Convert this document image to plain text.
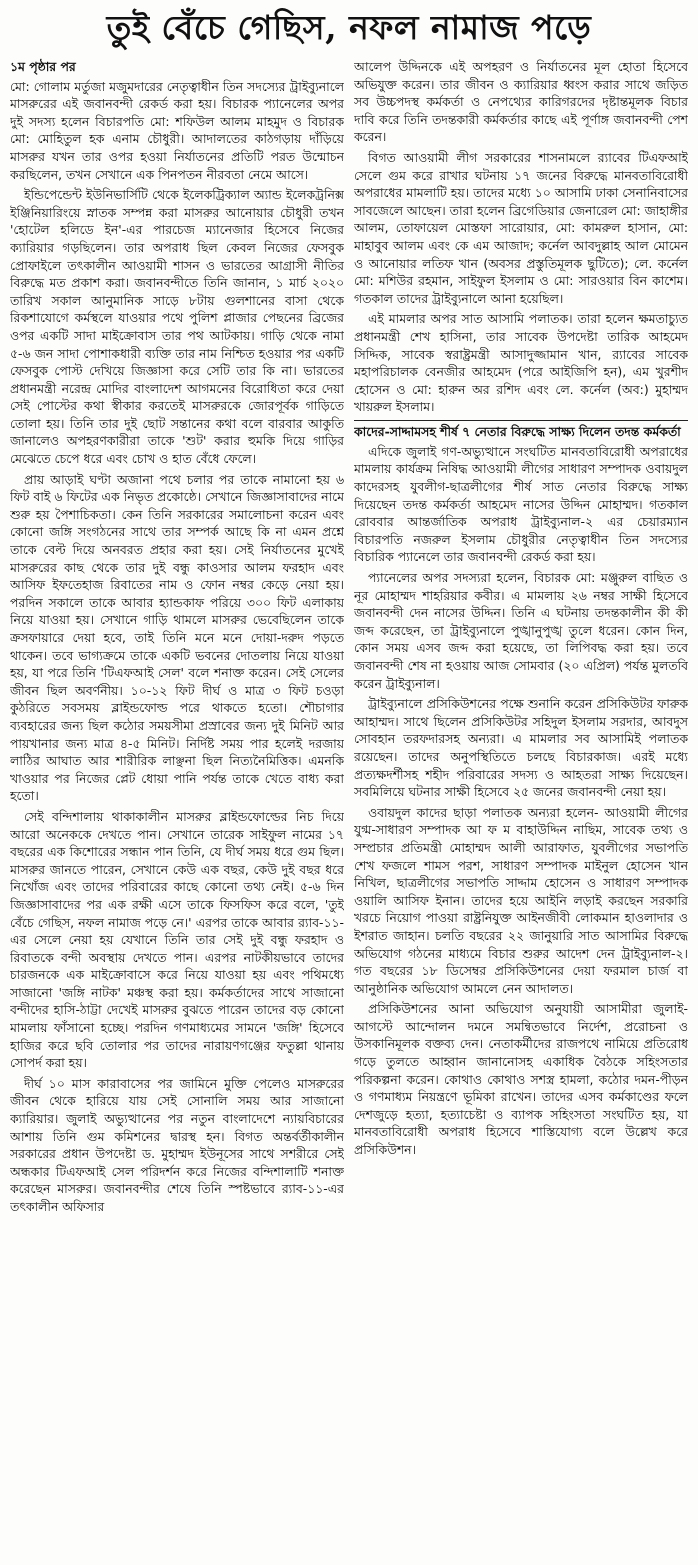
তুই বেঁচে গেছিস, নফল নামাজ পড়ে
১ম পৃষ্ঠার পর

মো: গোলাম মর্তুজা মজুমদারের নেতৃত্বাধীন তিন সদস্যের ট্রাইব্যুনালে মাসরুরের এই জবানবন্দী রেকর্ড করা হয়। বিচারক প্যানেলের অপর দুই সদস্য হলেন বিচারপতি মো: শফিউল আলম মাহমুদ ও বিচারক মো: মোহিতুল হক এনাম চৌধুরী। আদালতের কাঠগড়ায় দাঁড়িয়ে মাসরুর যখন তার ওপর হওয়া নির্যাতনের প্রতিটি পরত উন্মোচন করছিলেন, তখন সেখানে এক পিনপতন নীরবতা নেমে আসে।

ইন্ডিপেন্ডেন্ট ইউনিভার্সিটি থেকে ইলেকট্রিক্যাল অ্যান্ড ইলেকট্রনিক্স ইঞ্জিনিয়ারিংয়ে স্নাতক সম্পন্ন করা মাসরুর আনোয়ার চৌধুরী তখন 'হোটেল হলিডে ইন'-এর পারচেজ ম্যানেজার হিসেবে নিজের ক্যারিয়ার গড়ছিলেন। তার অপরাধ ছিল কেবল নিজের ফেসবুক প্রোফাইলে তৎকালীন আওয়ামী শাসন ও ভারতের আগ্রাসী নীতির বিরুদ্ধে মত প্রকাশ করা। জবানবন্দীতে তিনি জানান, ১ মার্চ ২০২০ তারিখ সকাল আনুমানিক সাড়ে ৮টায় গুলশানের বাসা থেকে রিকশাযোগে কর্মস্থলে যাওয়ার পথে পুলিশ প্লাজার পেছনের ব্রিজের ওপর একটি সাদা মাইক্রোবাস তার পথ আটকায়। গাড়ি থেকে নামা ৫-৬ জন সাদা পোশাকধারী ব্যক্তি তার নাম নিশ্চিত হওয়ার পর একটি ফেসবুক পোস্ট দেখিয়ে জিজ্ঞাসা করে সেটি তার কি না। ভারতের প্রধানমন্ত্রী নরেন্দ্র মোদির বাংলাদেশ আগমনের বিরোধিতা করে দেয়া সেই পোস্টের কথা স্বীকার করতেই মাসরুরকে জোরপূর্বক গাড়িতে তোলা হয়। তিনি তার দুই ছোট সন্তানের কথা বলে বারবার আকুতি জানালেও অপহরণকারীরা তাকে 'শুট' করার হুমকি দিয়ে গাড়ির মেঝেতে চেপে ধরে এবং চোখ ও হাত বেঁধে ফেলে।

প্রায় আড়াই ঘণ্টা অজানা পথে চলার পর তাকে নামানো হয় ৬ ফিট বাই ৬ ফিটের এক নিভৃত প্রকোষ্ঠে। সেখানে জিজ্ঞাসাবাদের নামে শুরু হয় পৈশাচিকতা। কেন তিনি সরকারের সমালোচনা করেন এবং কোনো জঙ্গি সংগঠনের সাথে তার সম্পর্ক আছে কি না এমন প্রশ্নে তাকে বেল্ট দিয়ে অনবরত প্রহার করা হয়। সেই নির্যাতনের মুখেই মাসরুরের কাছ থেকে তার দুই বন্ধু কাওসার আলম ফরহাদ এবং আসিফ ইফতেহাজ রিবাতের নাম ও ফোন নম্বর কেড়ে নেয়া হয়। পরদিন সকালে তাকে আবার হ্যান্ডকাফ পরিয়ে ৩০০ ফিট এলাকায় নিয়ে যাওয়া হয়। সেখানে গাড়ি থামলে মাসরুর ভেবেছিলেন তাকে ক্রসফায়ারে দেয়া হবে, তাই তিনি মনে মনে দোয়া-দরুদ পড়তে থাকেন। তবে ভাগ্যক্রমে তাকে একটি ভবনের দোতলায় নিয়ে যাওয়া হয়, যা পরে তিনি 'টিএফআই সেল' বলে শনাক্ত করেন। সেই সেলের জীবন ছিল অবর্ণনীয়। ১০-১২ ফিট দীর্ঘ ও মাত্র ৩ ফিট চওড়া কুঠরিতে সবসময় ব্লাইন্ডফোল্ড পরে থাকতে হতো। শৌচাগার ব্যবহারের জন্য ছিল কঠোর সময়সীমা প্রস্রাবের জন্য দুই মিনিট আর পায়খানার জন্য মাত্র ৪-৫ মিনিট। নির্দিষ্ট সময় পার হলেই দরজায় লাঠির আঘাত আর শারীরিক লাঞ্ছনা ছিল নিত্যনৈমিত্তিক। এমনকি খাওয়ার পর নিজের প্লেট ধোয়া পানি পর্যন্ত তাকে খেতে বাধ্য করা হতো।

সেই বন্দিশালায় থাকাকালীন মাসরুর ব্লাইন্ডফোল্ডের নিচ দিয়ে আরো অনেককে দেখতে পান। সেখানে তারেক সাইফুল নামের ১৭ বছরের এক কিশোরের সন্ধান পান তিনি, যে দীর্ঘ সময় ধরে গুম ছিল। মাসরুর জানতে পারেন, সেখানে কেউ এক বছর, কেউ দুই বছর ধরে নিখোঁজ এবং তাদের পরিবারের কাছে কোনো তথ্য নেই। ৫-৬ দিন জিজ্ঞাসাবাদের পর এক রক্ষী এসে তাকে ফিসফিস করে বলে, 'তুই বেঁচে গেছিস, নফল নামাজ পড়ে নে।' এরপর তাকে আবার র‍্যাব-১১-এর সেলে নেয়া হয় যেখানে তিনি তার সেই দুই বন্ধু ফরহাদ ও রিবাতকে বন্দী অবস্থায় দেখতে পান। এরপর নাটকীয়ভাবে তাদের চারজনকে এক মাইক্রোবাসে করে নিয়ে যাওয়া হয় এবং পথিমধ্যে সাজানো 'জঙ্গি নাটক' মঞ্চস্থ করা হয়। কর্মকর্তাদের সাথে সাজানো বন্দীদের হাসি-ঠাট্টা দেখেই মাসরুর বুঝতে পারেন তাদের বড় কোনো মামলায় ফাঁসানো হচ্ছে। পরদিন গণমাধ্যমের সামনে 'জঙ্গি' হিসেবে হাজির করে ছবি তোলার পর তাদের নারায়ণগঞ্জের ফতুল্লা থানায় সোপর্দ করা হয়।

দীর্ঘ ১০ মাস কারাবাসের পর জামিনে মুক্তি পেলেও মাসরুরের জীবন থেকে হারিয়ে যায় সেই সোনালি সময় আর সাজানো ক্যারিয়ার। জুলাই অভ্যুত্থানের পর নতুন বাংলাদেশে ন্যায়বিচারের আশায় তিনি গুম কমিশনের দ্বারস্থ হন। বিগত অন্তর্বর্তীকালীন সরকারের প্রধান উপদেষ্টা ড. মুহাম্মদ ইউনূসের সাথে সশরীরে সেই অন্ধকার টিএফআই সেল পরিদর্শন করে নিজের বন্দিশালাটি শনাক্ত করেছেন মাসরুর। জবানবন্দীর শেষে তিনি স্পষ্টভাবে র‍্যাব-১১-এর তৎকালীন অফিসার

আলেপ উদ্দিনকে এই অপহরণ ও নির্যাতনের মূল হোতা হিসেবে অভিযুক্ত করেন। তার জীবন ও ক্যারিয়ার ধ্বংস করার সাথে জড়িত সব উচ্চপদস্থ কর্মকর্তা ও নেপথ্যের কারিগরদের দৃষ্টান্তমূলক বিচার দাবি করে তিনি তদন্তকারী কর্মকর্তার কাছে এই পূর্ণাঙ্গ জবানবন্দী পেশ করেন।

বিগত আওয়ামী লীগ সরকারের শাসনামলে র‍্যাবের টিএফআই সেলে গুম করে রাখার ঘটনায় ১৭ জনের বিরুদ্ধে মানবতাবিরোধী অপরাধের মামলাটি হয়। তাদের মধ্যে ১০ আসামি ঢাকা সেনানিবাসের সাবজেলে আছেন। তারা হলেন ব্রিগেডিয়ার জেনারেল মো: জাহাঙ্গীর আলম, তোফায়েল মোস্তফা সারোয়ার, মো: কামরুল হাসান, মো: মাহাবুব আলম এবং কে এম আজাদ; কর্নেল আবদুল্লাহ আল মোমেন ও আনোয়ার লতিফ খান (অবসর প্রস্তুতিমূলক ছুটিতে); লে. কর্নেল মো: মশিউর রহমান, সাইফুল ইসলাম ও মো: সারওয়ার বিন কাশেম। গতকাল তাদের ট্রাইব্যুনালে আনা হয়েছিল।

এই মামলার অপর সাত আসামি পলাতক। তারা হলেন ক্ষমতাচ্যুত প্রধানমন্ত্রী শেখ হাসিনা, তার সাবেক উপদেষ্টা তারিক আহমেদ সিদ্দিক, সাবেক স্বরাষ্ট্রমন্ত্রী আসাদুজ্জামান খান, র‍্যাবের সাবেক মহাপরিচালক বেনজীর আহমেদ (পরে আইজিপি হন), এম খুরশীদ হোসেন ও মো: হারুন অর রশিদ এবং লে. কর্নেল (অব:) মুহাম্মদ খায়রুল ইসলাম।

কাদের-সাদ্দামসহ শীর্ষ ৭ নেতার বিরুদ্ধে সাক্ষ্য দিলেন তদন্ত কর্মকর্তা

এদিকে জুলাই গণ-অভ্যুত্থানে সংঘটিত মানবতাবিরোধী অপরাধের মামলায় কার্যক্রম নিষিদ্ধ আওয়ামী লীগের সাধারণ সম্পাদক ওবায়দুল কাদেরসহ যুবলীগ-ছাত্রলীগের শীর্ষ সাত নেতার বিরুদ্ধে সাক্ষ্য দিয়েছেন তদন্ত কর্মকর্তা আহমেদ নাসের উদ্দিন মোহাম্মদ। গতকাল রোববার আন্তর্জাতিক অপরাধ ট্রাইব্যুনাল-২ এর চেয়ারম্যান বিচারপতি নজরুল ইসলাম চৌধুরীর নেতৃত্বাধীন তিন সদস্যের বিচারিক প্যানেলে তার জবানবন্দী রেকর্ড করা হয়।

প্যানেলের অপর সদস্যরা হলেন, বিচারক মো: মঞ্জুরুল বাছিত ও নূর মোহাম্মদ শাহরিয়ার কবীর। এ মামলায় ২৬ নম্বর সাক্ষী হিসেবে জবানবন্দী দেন নাসের উদ্দিন। তিনি এ ঘটনায় তদন্তকালীন কী কী জব্দ করেছেন, তা ট্রাইব্যুনালে পুঙ্খানুপুঙ্খ তুলে ধরেন। কোন দিন, কোন সময় এসব জব্দ করা হয়েছে, তা লিপিবদ্ধ করা হয়। তবে জবানবন্দী শেষ না হওয়ায় আজ সোমবার (২০ এপ্রিল) পর্যন্ত মুলতবি করেন ট্রাইব্যুনাল।

ট্রাইব্যুনালে প্রসিকিউশনের পক্ষে শুনানি করেন প্রসিকিউটর ফারুক আহাম্মদ। সাথে ছিলেন প্রসিকিউটর সহিদুল ইসলাম সরদার, আবদুস সোবহান তরফদারসহ অন্যরা। এ মামলার সব আসামিই পলাতক রয়েছেন। তাদের অনুপস্থিতিতে চলছে বিচারকাজ। এরই মধ্যে প্রত্যক্ষদর্শীসহ শহীদ পরিবারের সদস্য ও আহতরা সাক্ষ্য দিয়েছেন। সবমিলিয়ে ঘটনার সাক্ষী হিসেবে ২৫ জনের জবানবন্দী নেয়া হয়।

ওবায়দুল কাদের ছাড়া পলাতক অন্যরা হলেন- আওয়ামী লীগের যুগ্ম-সাধারণ সম্পাদক আ ফ ম বাহাউদ্দিন নাছিম, সাবেক তথ্য ও সম্প্রচার প্রতিমন্ত্রী মোহাম্মদ আলী আরাফাত, যুবলীগের সভাপতি শেখ ফজলে শামস পরশ, সাধারণ সম্পাদক মাইনুল হোসেন খান নিখিল, ছাত্রলীগের সভাপতি সাদ্দাম হোসেন ও সাধারণ সম্পাদক ওয়ালি আসিফ ইনান। তাদের হয়ে আইনি লড়াই করছেন সরকারি খরচে নিয়োগ পাওয়া রাষ্ট্রনিযুক্ত আইনজীবী লোকমান হাওলাদার ও ইশরাত জাহান। চলতি বছরের ২২ জানুয়ারি সাত আসামির বিরুদ্ধে অভিযোগ গঠনের মাধ্যমে বিচার শুরুর আদেশ দেন ট্রাইব্যুনাল-২। গত বছরের ১৮ ডিসেম্বর প্রসিকিউশনের দেয়া ফরমাল চার্জ বা আনুষ্ঠানিক অভিযোগ আমলে নেন আদালত।

প্রসিকিউশনের আনা অভিযোগ অনুযায়ী আসামীরা জুলাই-আগস্টে আন্দোলন দমনে সমন্বিতভাবে নির্দেশ, প্ররোচনা ও উসকানিমূলক বক্তব্য দেন। নেতাকর্মীদের রাজপথে নামিয়ে প্রতিরোধ গড়ে তুলতে আহ্বান জানানোসহ একাধিক বৈঠকে সহিংসতার পরিকল্পনা করেন। কোথাও কোথাও সশস্ত্র হামলা, কঠোর দমন-পীড়ন ও গণমাধ্যম নিয়ন্ত্রণে ভূমিকা রাখেন। তাদের এসব কর্মকাণ্ডের ফলে দেশজুড়ে হত্যা, হত্যাচেষ্টা ও ব্যাপক সহিংসতা সংঘটিত হয়, যা মানবতাবিরোধী অপরাধ হিসেবে শাস্তিযোগ্য বলে উল্লেখ করে প্রসিকিউশন।
